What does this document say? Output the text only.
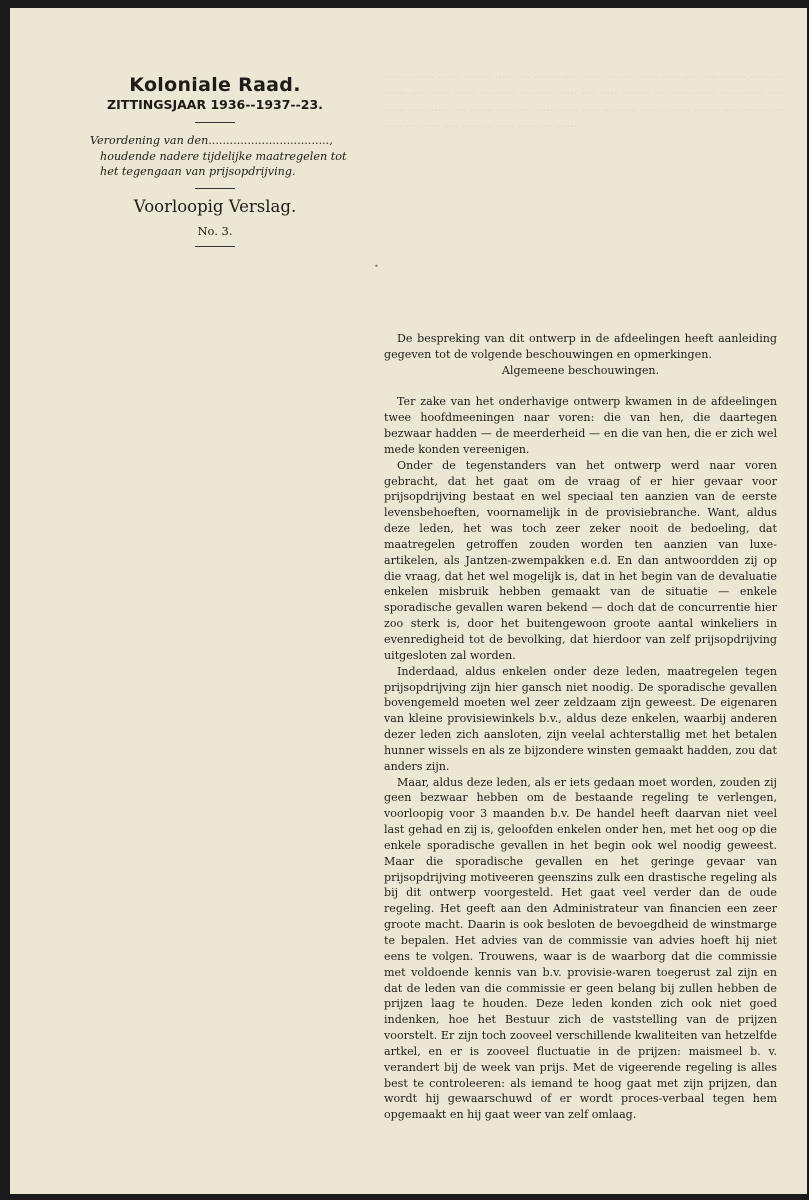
···· ··· ····· ·· ··· ········ ····· ···· ······· ···· ······ ··· ···· ······ ····· ····· ···· ······· ····· ···· ······ ···· ······ ······ ···· ····· ·· ······ ······ ···· ····· ········ ···· ······ ····· ·· ··· ····· ····· ······ ···· ······ ···· ······· ···· ····· ······ ····· ····· ··· ······ ···· ··· ····· ······· ···· ········ ···· ····· ···· ····· ···· ····· ··· ····· ····· ···· ······
Koloniale Raad.
ZITTINGSJAAR 1936--1937--23.
Verordening van den..................................,
houdende nadere tijdelijke maatregelen tot
het tegengaan van prijsopdrijving.
Voorloopig Verslag.
No. 3.
•

De bespreking van dit ontwerp in de afdeelingen heeft aanleiding gegeven tot de volgende beschouwingen en opmerkingen.

Algemeene beschouwingen.

Ter zake van het onderhavige ontwerp kwamen in de afdeelingen twee hoofdmeeningen naar voren: die van hen, die daartegen bezwaar hadden — de meerderheid — en die van hen, die er zich wel mede konden vereenigen.

Onder de tegenstanders van het ontwerp werd naar voren gebracht, dat het gaat om de vraag of er hier gevaar voor prijsopdrijving bestaat en wel speciaal ten aanzien van de eerste levensbehoeften, voornamelijk in de provisiebranche. Want, aldus deze leden, het was toch zeer zeker nooit de bedoeling, dat maatregelen getroffen zouden worden ten aanzien van luxe-artikelen, als Jantzen-zwempakken e.d. En dan antwoordden zij op die vraag, dat het wel mogelijk is, dat in het begin van de devaluatie enkelen misbruik hebben gemaakt van de situatie — enkele sporadische gevallen waren bekend — doch dat de concurrentie hier zoo sterk is, door het buitengewoon groote aantal winkeliers in evenredigheid tot de bevolking, dat hierdoor van zelf prijsopdrijving uitgesloten zal worden.

Inderdaad, aldus enkelen onder deze leden, maatregelen tegen prijsopdrijving zijn hier gansch niet noodig. De sporadische gevallen bovengemeld moeten wel zeer zeldzaam zijn geweest. De eigenaren van kleine provisiewinkels b.v., aldus deze enkelen, waarbij anderen dezer leden zich aansloten, zijn veelal achterstallig met het betalen hunner wissels en als ze bijzondere winsten gemaakt hadden, zou dat anders zijn.

Maar, aldus deze leden, als er iets gedaan moet worden, zouden zij geen bezwaar hebben om de bestaande regeling te verlengen, voorloopig voor 3 maanden b.v. De handel heeft daarvan niet veel last gehad en zij is, geloofden enkelen onder hen, met het oog op die enkele sporadische gevallen in het begin ook wel noodig geweest. Maar die sporadische gevallen en het geringe gevaar van prijsopdrijving motiveeren geenszins zulk een drastische regeling als bij dit ontwerp voorgesteld. Het gaat veel verder dan de oude regeling. Het geeft aan den Administrateur van financien een zeer groote macht. Daarin is ook besloten de bevoegdheid de winstmarge te bepalen. Het advies van de commissie van advies hoeft hij niet eens te volgen. Trouwens, waar is de waarborg dat die commissie met voldoende kennis van b.v. provisie-waren toegerust zal zijn en dat de leden van die commissie er geen belang bij zullen hebben de prijzen laag te houden. Deze leden konden zich ook niet goed indenken, hoe het Bestuur zich de vaststelling van de prijzen voorstelt. Er zijn toch zooveel verschillende kwaliteiten van hetzelfde artkel, en er is zooveel fluctuatie in de prijzen: maismeel b. v. verandert bij de week van prijs. Met de vigeerende regeling is alles best te controleeren: als iemand te hoog gaat met zijn prijzen, dan wordt hij gewaarschuwd of er wordt proces-verbaal tegen hem opgemaakt en hij gaat weer van zelf omlaag.
